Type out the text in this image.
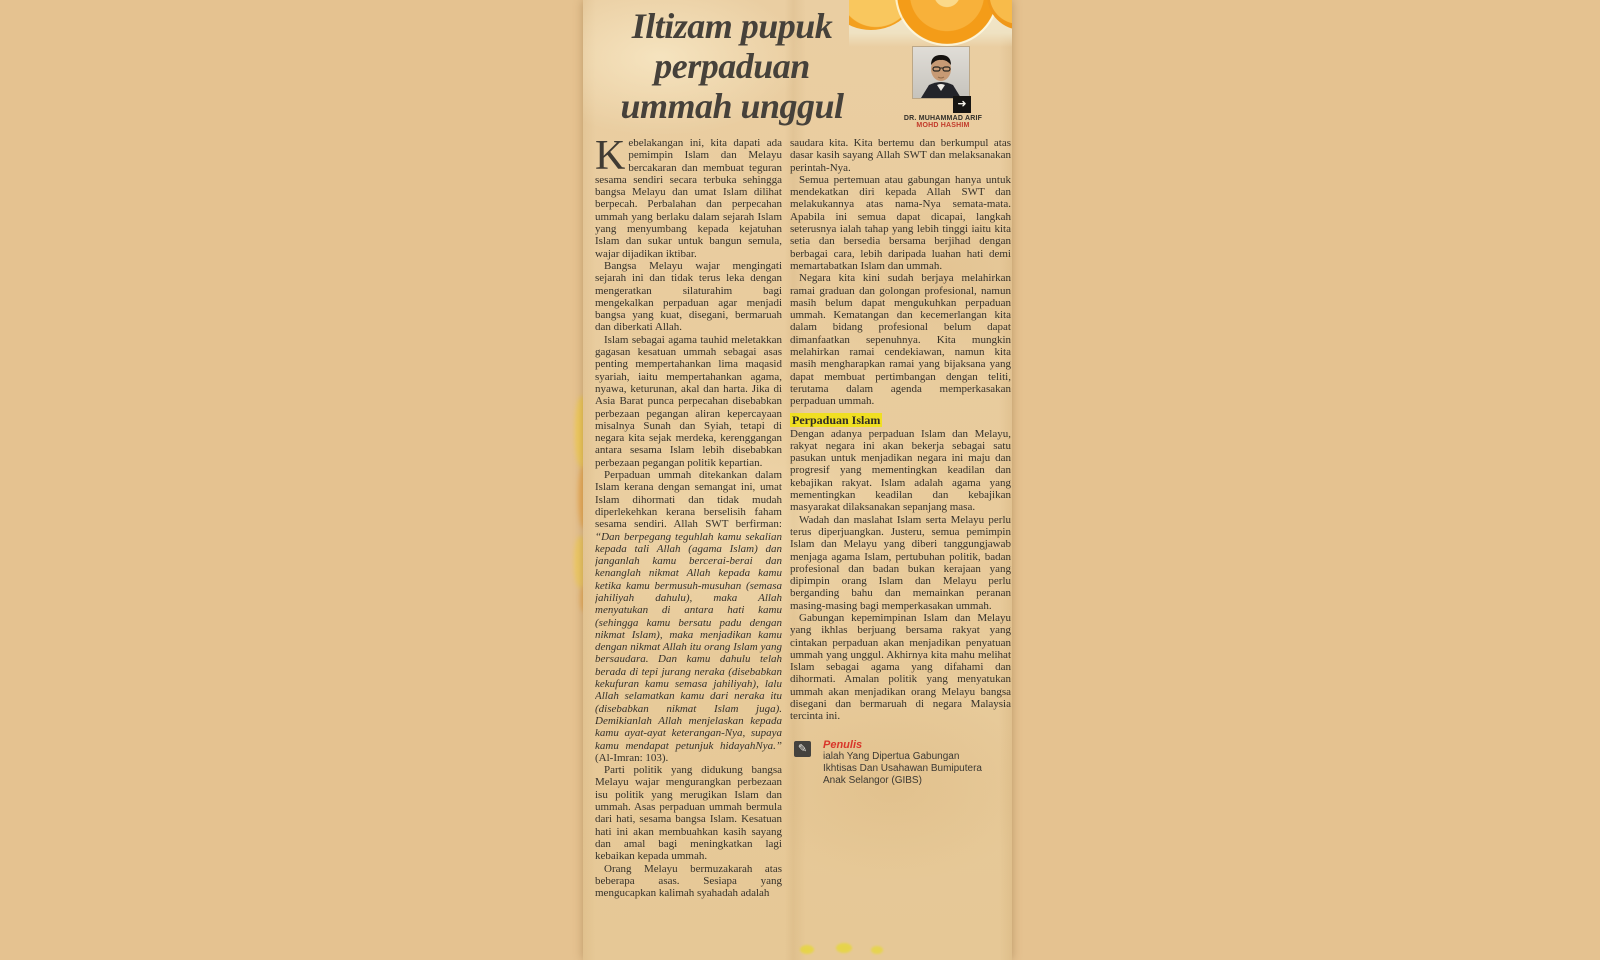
Iltizam pupuk
perpaduan
ummah unggul	➜
DR. MUHAMMAD ARIF
MOHD HASHIM

Kebelakangan ini, kita dapati ada pemimpin Islam dan Melayu bercakaran dan membuat teguran sesama sendiri secara terbuka sehingga bangsa Melayu dan umat Islam dilihat berpecah. Perbalahan dan perpecahan ummah yang berlaku dalam sejarah Islam yang menyumbang kepada kejatuhan Islam dan sukar untuk bangun semula, wajar dijadikan iktibar.

Bangsa Melayu wajar mengingati sejarah ini dan tidak terus leka dengan mengeratkan silaturahim bagi mengekalkan perpaduan agar menjadi bangsa yang kuat, disegani, bermaruah dan diberkati Allah.

Islam sebagai agama tauhid meletakkan gagasan kesatuan ummah sebagai asas penting mempertahankan lima maqasid syariah, iaitu mempertahankan agama, nyawa, keturunan, akal dan harta. Jika di Asia Barat punca perpecahan disebabkan perbezaan pegangan aliran kepercayaan misalnya Sunah dan Syiah, tetapi di negara kita sejak merdeka, kerenggangan antara sesama Islam lebih disebabkan perbezaan pegangan politik kepartian.

Perpaduan ummah ditekankan dalam Islam kerana dengan semangat ini, umat Islam dihormati dan tidak mudah diperlekehkan kerana berselisih faham sesama sendiri. Allah SWT berfirman: “Dan berpegang teguhlah kamu sekalian kepada tali Allah (agama Islam) dan janganlah kamu bercerai-berai dan kenanglah nikmat Allah kepada kamu ketika kamu bermusuh-musuhan (semasa jahiliyah dahulu), maka Allah menyatukan di antara hati kamu (sehingga kamu bersatu padu dengan nikmat Islam), maka menjadikan kamu dengan nikmat Allah itu orang Islam yang bersaudara. Dan kamu dahulu telah berada di tepi jurang neraka (disebabkan kekufuran kamu semasa jahiliyah), lalu Allah selamatkan kamu dari neraka itu (disebabkan nikmat Islam juga). Demikianlah Allah menjelaskan kepada kamu ayat-ayat keterangan-Nya, supaya kamu mendapat petunjuk hidayahNya.” (Al-Imran: 103).

Parti politik yang didukung bangsa Melayu wajar mengurangkan perbezaan isu politik yang merugikan Islam dan ummah. Asas perpaduan ummah bermula dari hati, sesama bangsa Islam. Kesatuan hati ini akan membuahkan kasih sayang dan amal bagi meningkatkan lagi kebaikan kepada ummah.

Orang Melayu bermuzakarah atas beberapa asas. Sesiapa yang mengucapkan kalimah syahadah adalah

saudara kita. Kita bertemu dan berkumpul atas dasar kasih sayang Allah SWT dan melaksanakan perintah-Nya.

Semua pertemuan atau gabungan hanya untuk mendekatkan diri kepada Allah SWT dan melakukannya atas nama-Nya semata-mata. Apabila ini semua dapat dicapai, langkah seterusnya ialah tahap yang lebih tinggi iaitu kita setia dan bersedia bersama berjihad dengan berbagai cara, lebih daripada luahan hati demi memartabatkan Islam dan ummah.

Negara kita kini sudah berjaya melahirkan ramai graduan dan golongan profesional, namun masih belum dapat mengukuhkan perpaduan ummah. Kematangan dan kecemerlangan kita dalam bidang profesional belum dapat dimanfaatkan sepenuhnya. Kita mungkin melahirkan ramai cendekiawan, namun kita masih mengharapkan ramai yang bijaksana yang dapat membuat pertimbangan dengan teliti, terutama dalam agenda memperkasakan perpaduan ummah.

Perpaduan Islam

Dengan adanya perpaduan Islam dan Melayu, rakyat negara ini akan bekerja sebagai satu pasukan untuk menjadikan negara ini maju dan progresif yang mementingkan keadilan dan kebajikan rakyat. Islam adalah agama yang mementingkan keadilan dan kebajikan masyarakat dilaksanakan sepanjang masa.

Wadah dan maslahat Islam serta Melayu perlu terus diperjuangkan. Justeru, semua pemimpin Islam dan Melayu yang diberi tanggungjawab menjaga agama Islam, pertubuhan politik, badan profesional dan badan bukan kerajaan yang dipimpin orang Islam dan Melayu perlu berganding bahu dan memainkan peranan masing-masing bagi memperkasakan ummah.

Gabungan kepemimpinan Islam dan Melayu yang ikhlas berjuang bersama rakyat yang cintakan perpaduan akan menjadikan penyatuan ummah yang unggul. Akhirnya kita mahu melihat Islam sebagai agama yang difahami dan dihormati. Amalan politik yang menyatukan ummah akan menjadikan orang Melayu bangsa disegani dan bermaruah di negara Malaysia tercinta ini.

✎	Penulis
ialah Yang Dipertua Gabungan Ikhtisas Dan Usahawan Bumiputera Anak Selangor (GIBS)
